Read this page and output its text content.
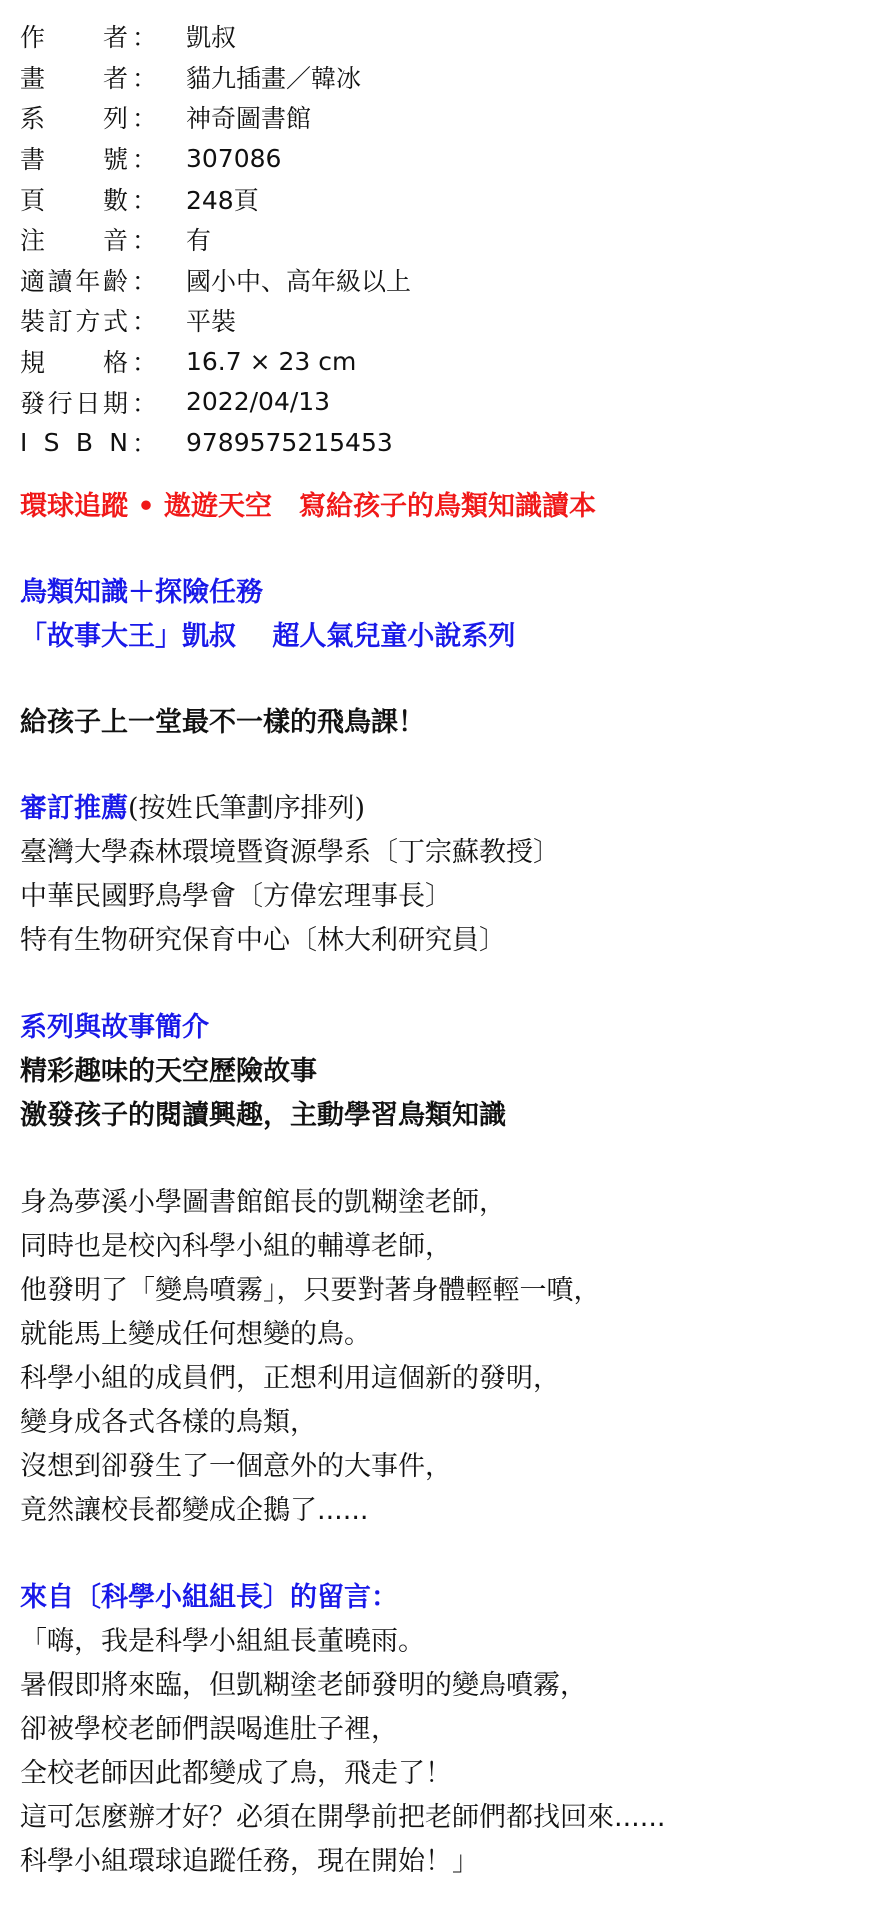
作 者 ：	凱叔
畫 者 ：	貓九插畫／韓冰
系 列 ：	神奇圖書館
書 號 ：	307086
頁 數 ：	248頁
注 音 ：	有
適 讀 年 齡 ：	國小中、高年級以上
裝 訂 方 式 ：	平裝
規 格 ：	16.7 × 23 cm
發 行 日 期 ：	2022/04/13
I S B N ：	9789575215453
環球追蹤 • 遨遊天空　寫給孩子的鳥類知識讀本
鳥類知識＋探險任務
「故事大王」凱叔　 超人氣兒童小說系列
給孩子上一堂最不一樣的飛鳥課！
審訂推薦(按姓氏筆劃序排列)
臺灣大學森林環境暨資源學系〔丁宗蘇教授〕
中華民國野鳥學會〔方偉宏理事長〕
特有生物研究保育中心〔林大利研究員〕
系列與故事簡介
精彩趣味的天空歷險故事
激發孩子的閱讀興趣，主動學習鳥類知識
身為夢溪小學圖書館館長的凱糊塗老師，
同時也是校內科學小組的輔導老師，
他發明了「變鳥噴霧」，只要對著身體輕輕一噴，
就能馬上變成任何想變的鳥。
科學小組的成員們，正想利用這個新的發明，
變身成各式各樣的鳥類，
沒想到卻發生了一個意外的大事件，
竟然讓校長都變成企鵝了......
來自〔科學小組組長〕的留言：
「嗨，我是科學小組組長董曉雨。
暑假即將來臨，但凱糊塗老師發明的變鳥噴霧，
卻被學校老師們誤喝進肚子裡，
全校老師因此都變成了鳥，飛走了！
這可怎麼辦才好？必須在開學前把老師們都找回來......
科學小組環球追蹤任務，現在開始！」
